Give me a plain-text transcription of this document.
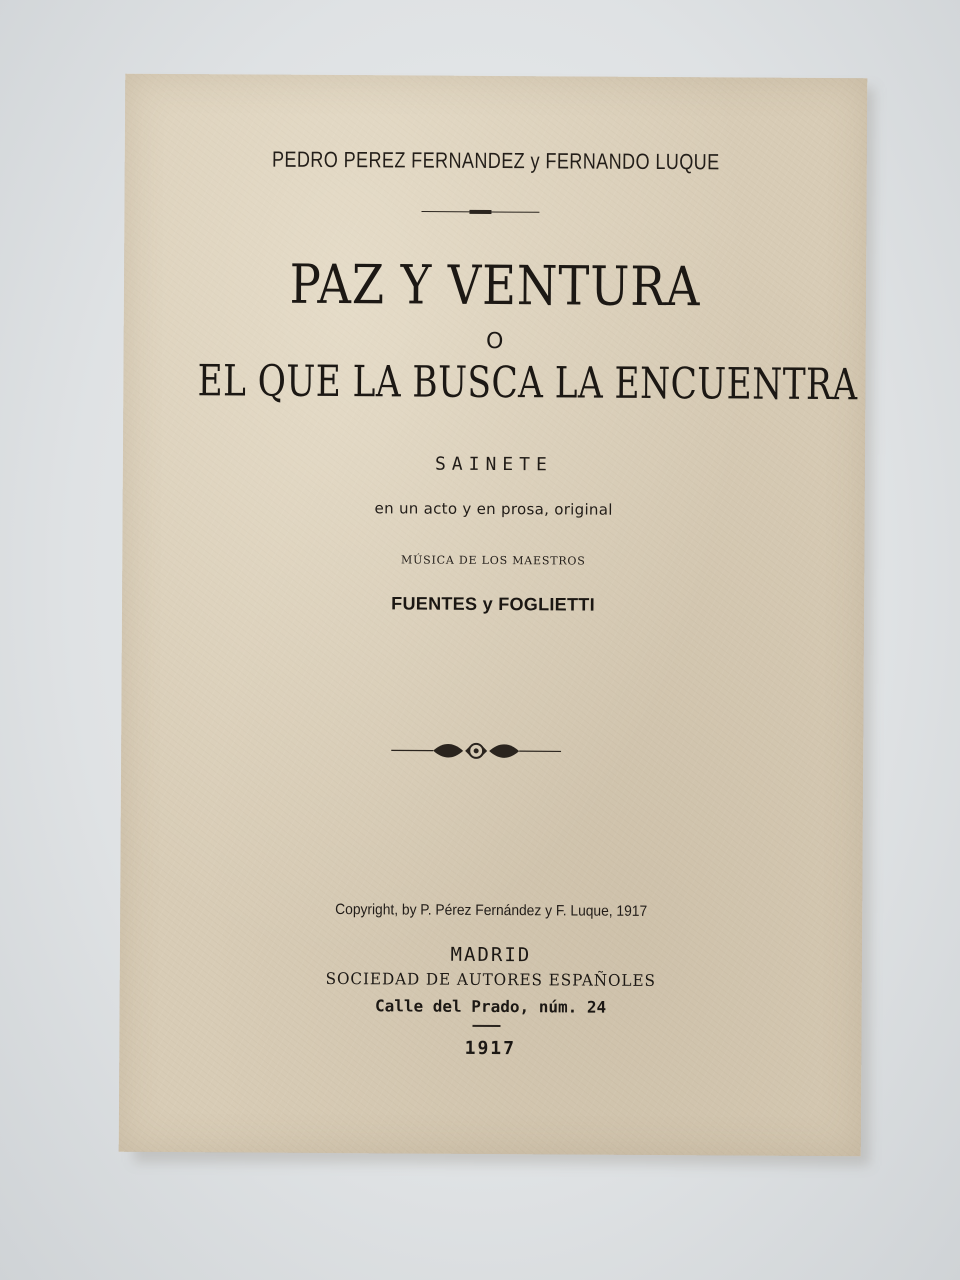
PEDRO PEREZ FERNANDEZ y FERNANDO LUQUE
PAZ Y VENTURA
O
EL QUE LA BUSCA LA ENCUENTRA
SAINETE
en un acto y en prosa, original
MÚSICA DE LOS MAESTROS
FUENTES y FOGLIETTI
Copyright, by P. Pérez Fernández y F. Luque, 1917
MADRID
SOCIEDAD DE AUTORES ESPAÑOLES
Calle del Prado, núm. 24
1917
